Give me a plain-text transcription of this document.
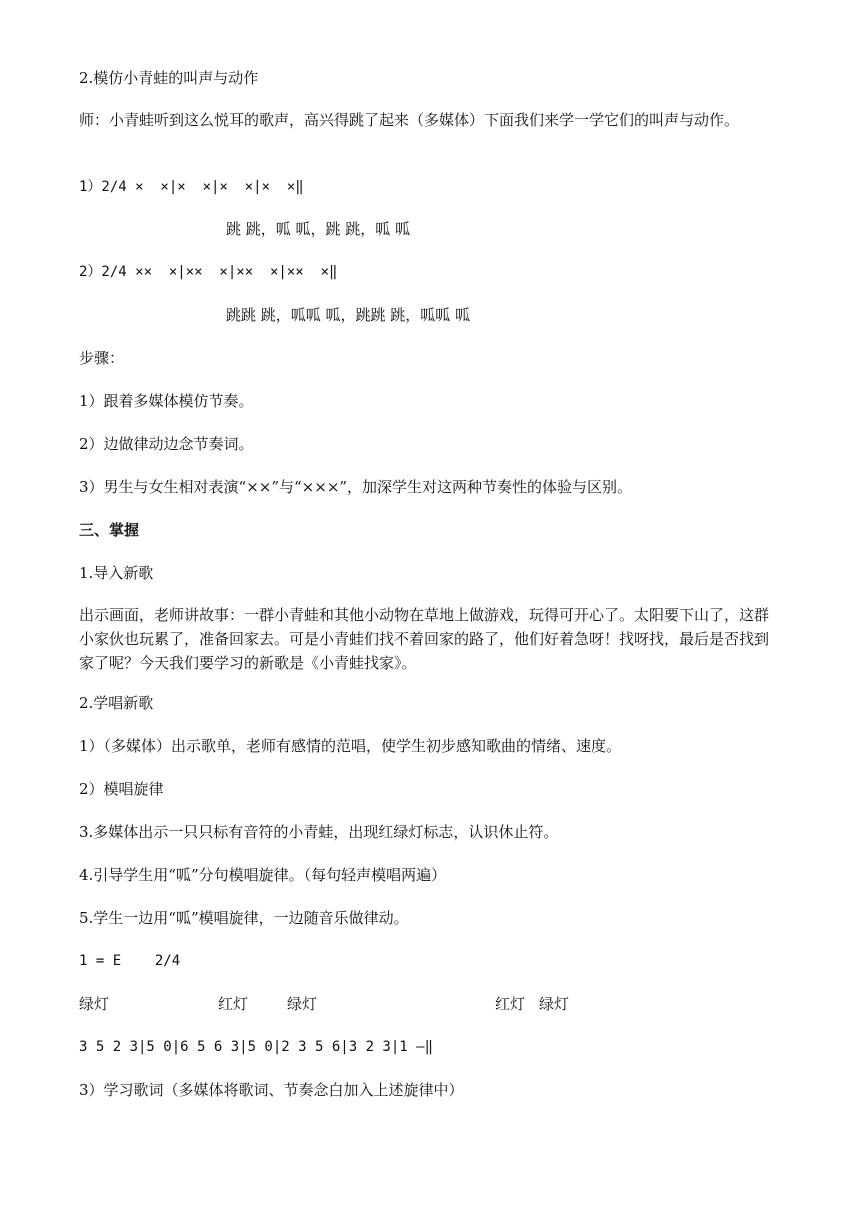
2.模仿小青蛙的叫声与动作
师：小青蛙听到这么悦耳的歌声，高兴得跳了起来（多媒体）下面我们来学一学它们的叫声与动作。
1）2/4 ×  ×|×  ×|×  ×|×  ×‖
跳 跳，呱 呱，跳 跳，呱 呱
2）2/4 ××  ×|××  ×|××  ×|××  ×‖
跳跳 跳，呱呱 呱，跳跳 跳，呱呱 呱
步骤：
1）跟着多媒体模仿节奏。
2）边做律动边念节奏词。
3）男生与女生相对表演“××”与“×××”，加深学生对这两种节奏性的体验与区别。
三、掌握
1.导入新歌
出示画面，老师讲故事：一群小青蛙和其他小动物在草地上做游戏，玩得可开心了。太阳要下山了，这群小家伙也玩累了，准备回家去。可是小青蛙们找不着回家的路了，他们好着急呀！找呀找，最后是否找到家了呢？今天我们要学习的新歌是《小青蛙找家》。
2.学唱新歌
1）（多媒体）出示歌单，老师有感情的范唱，使学生初步感知歌曲的情绪、速度。
2）模唱旋律
3.多媒体出示一只只标有音符的小青蛙，出现红绿灯标志，认识休止符。
4.引导学生用“呱”分句模唱旋律。（每句轻声模唱两遍）
5.学生一边用“呱”模唱旋律，一边随音乐做律动。
1 = E    2/4
绿灯	红灯	绿灯	红灯 绿灯
3 5 2 3|5 0|6 5 6 3|5 0|2 3 5 6|3 2 3|1 —‖
3）学习歌词（多媒体将歌词、节奏念白加入上述旋律中）
